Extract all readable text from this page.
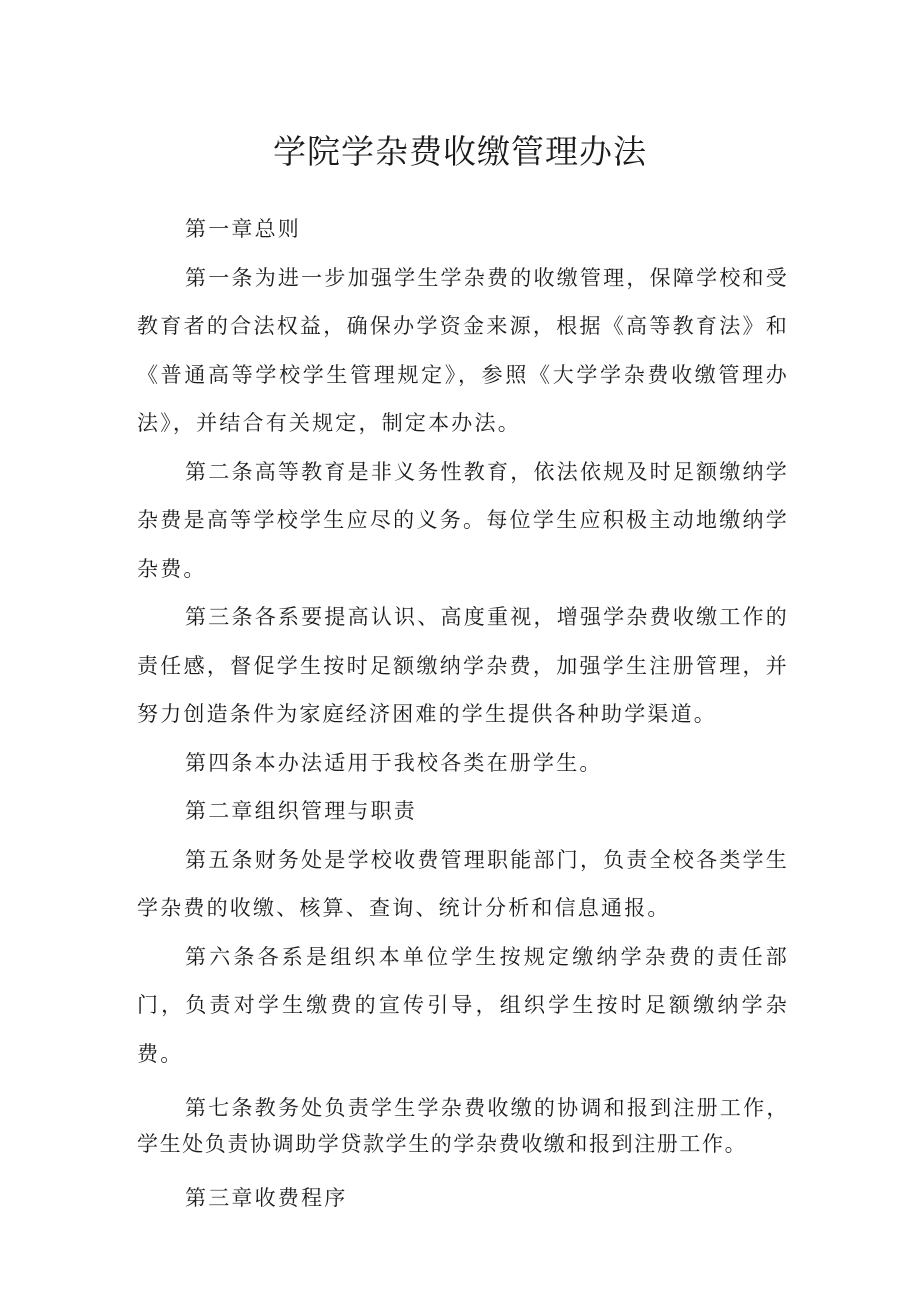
学院学杂费收缴管理办法

第一章总则

第一条为进一步加强学生学杂费的收缴管理，保障学校和受教育者的合法权益，确保办学资金来源，根据《高等教育法》和《普通高等学校学生管理规定》，参照《大学学杂费收缴管理办法》，并结合有关规定，制定本办法。

第二条高等教育是非义务性教育，依法依规及时足额缴纳学杂费是高等学校学生应尽的义务。每位学生应积极主动地缴纳学杂费。

第三条各系要提高认识、高度重视，增强学杂费收缴工作的责任感，督促学生按时足额缴纳学杂费，加强学生注册管理，并努力创造条件为家庭经济困难的学生提供各种助学渠道。

第四条本办法适用于我校各类在册学生。

第二章组织管理与职责

第五条财务处是学校收费管理职能部门，负责全校各类学生学杂费的收缴、核算、查询、统计分析和信息通报。

第六条各系是组织本单位学生按规定缴纳学杂费的责任部门，负责对学生缴费的宣传引导，组织学生按时足额缴纳学杂费。

第七条教务处负责学生学杂费收缴的协调和报到注册工作，学生处负责协调助学贷款学生的学杂费收缴和报到注册工作。

第三章收费程序
